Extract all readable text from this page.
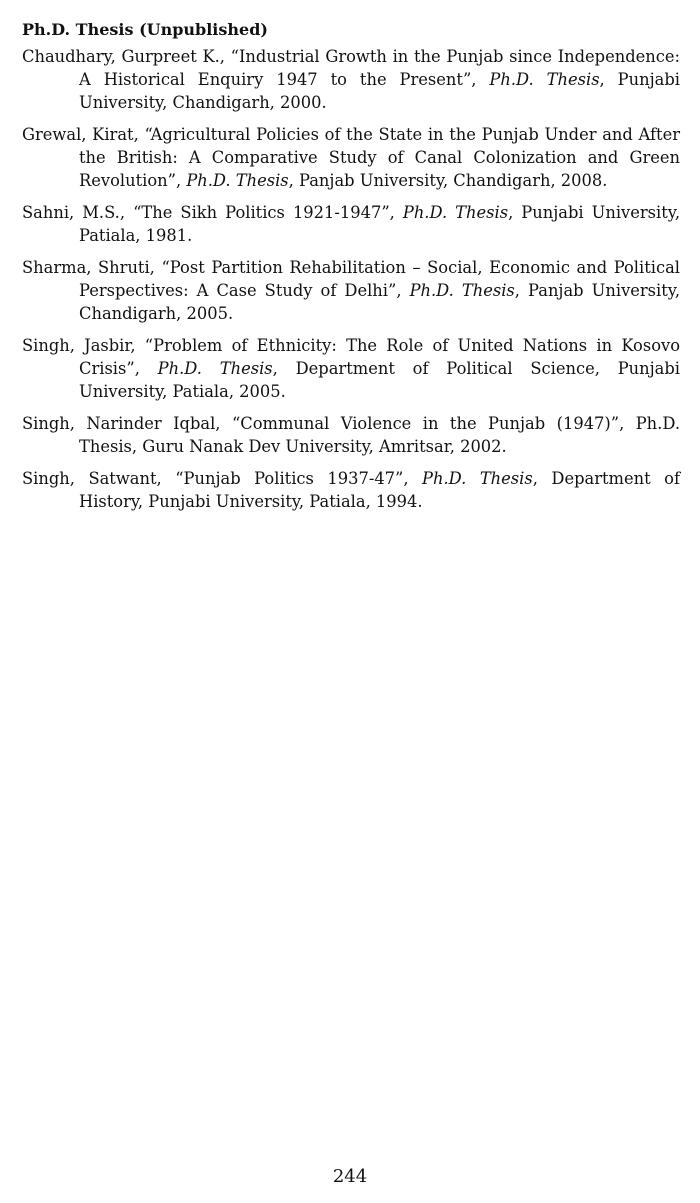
Ph.D. Thesis (Unpublished)

Chaudhary, Gurpreet K., “Industrial Growth in the Punjab since Independence: A Historical Enquiry 1947 to the Present”, Ph.D. Thesis, Punjabi University, Chandigarh, 2000.

Grewal, Kirat, “Agricultural Policies of the State in the Punjab Under and After the British: A Comparative Study of Canal Colonization and Green Revolution”, Ph.D. Thesis, Panjab University, Chandigarh, 2008.

Sahni, M.S., “The Sikh Politics 1921-1947”, Ph.D. Thesis, Punjabi University, Patiala, 1981.

Sharma, Shruti, “Post Partition Rehabilitation – Social, Economic and Political Perspectives: A Case Study of Delhi”, Ph.D. Thesis, Panjab University, Chandigarh, 2005.

Singh, Jasbir, “Problem of Ethnicity: The Role of United Nations in Kosovo Crisis”, Ph.D. Thesis, Department of Political Science, Punjabi University, Patiala, 2005.

Singh, Narinder Iqbal, “Communal Violence in the Punjab (1947)”, Ph.D. Thesis, Guru Nanak Dev University, Amritsar, 2002.

Singh, Satwant, “Punjab Politics 1937-47”, Ph.D. Thesis, Department of History, Punjabi University, Patiala, 1994.

244
